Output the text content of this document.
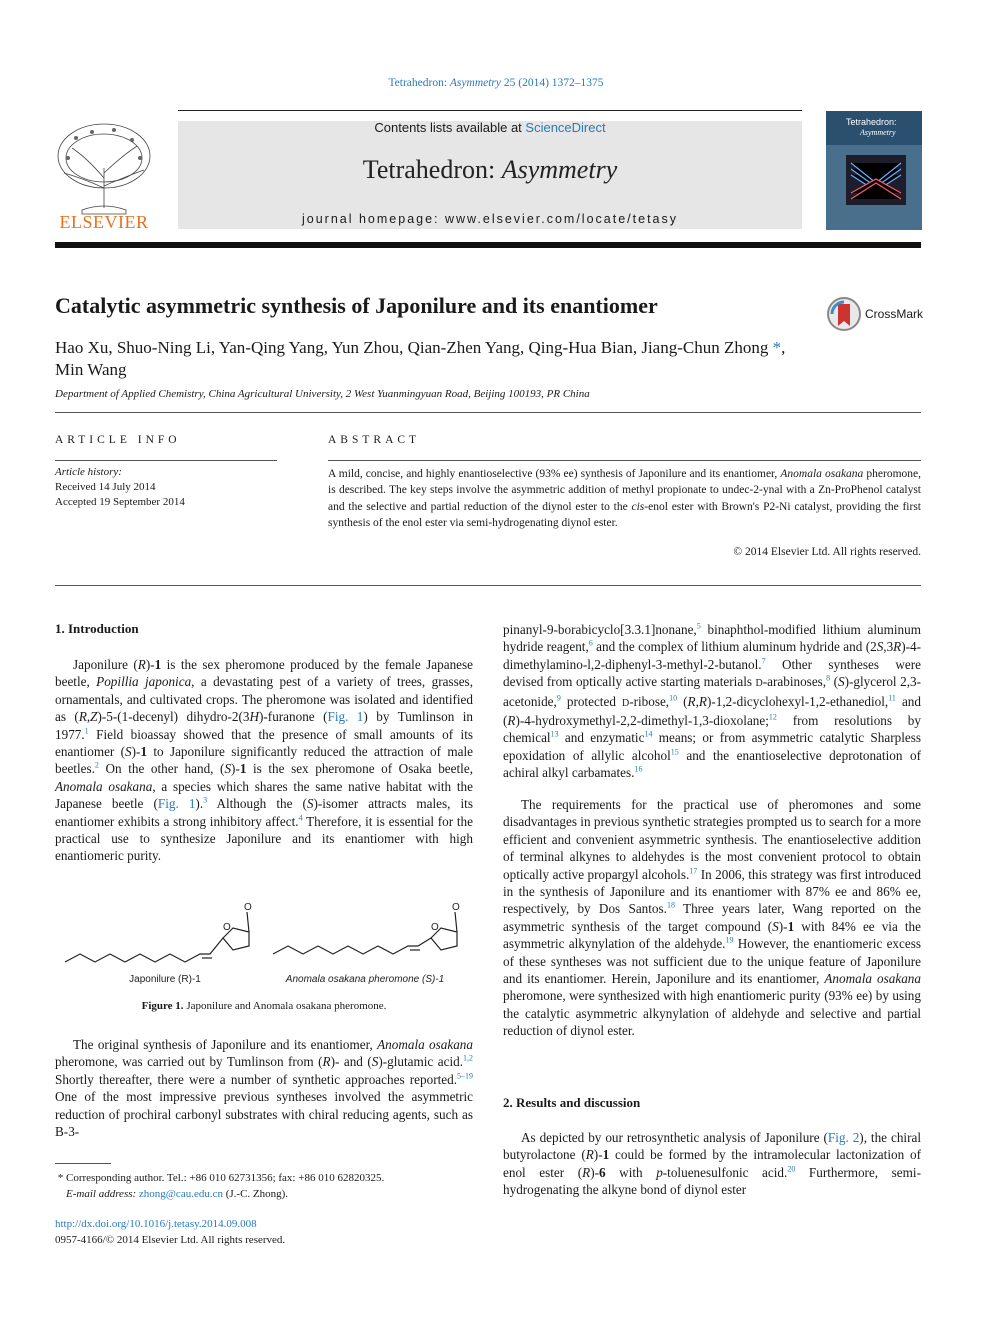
Tetrahedron: Asymmetry 25 (2014) 1372–1375
ELSEVIER
Contents lists available at ScienceDirect
Tetrahedron: Asymmetry
journal homepage: www.elsevier.com/locate/tetasy
Tetrahedron:
Asymmetry
Catalytic asymmetric synthesis of Japonilure and its enantiomer	CrossMark
Hao Xu, Shuo-Ning Li, Yan-Qing Yang, Yun Zhou, Qian-Zhen Yang, Qing-Hua Bian, Jiang-Chun Zhong *,
Min Wang
Department of Applied Chemistry, China Agricultural University, 2 West Yuanmingyuan Road, Beijing 100193, PR China
ARTICLE INFO	ABSTRACT
Article history:
Received 14 July 2014
Accepted 19 September 2014
A mild, concise, and highly enantioselective (93% ee) synthesis of Japonilure and its enantiomer, Anomala osakana pheromone, is described. The key steps involve the asymmetric addition of methyl propionate to undec-2-ynal with a Zn-ProPhenol catalyst and the selective and partial reduction of the diynol ester to the cis-enol ester with Brown's P2-Ni catalyst, providing the first synthesis of the enol ester via semi-hydrogenating diynol ester.
© 2014 Elsevier Ltd. All rights reserved.
1. Introduction
Japonilure (R)-1 is the sex pheromone produced by the female Japanese beetle, Popillia japonica, a devastating pest of a variety of trees, grasses, ornamentals, and cultivated crops. The pheromone was isolated and identified as (R,Z)-5-(1-decenyl) dihydro-2(3H)-furanone (Fig. 1) by Tumlinson in 1977.$^1$ Field bioassay showed that the presence of small amounts of its enantiomer (S)-1 to Japonilure significantly reduced the attraction of male beetles.$^2$ On the other hand, (S)-1 is the sex pheromone of Osaka beetle, Anomala osakana, a species which shares the same native habitat with the Japanese beetle (Fig. 1).$^3$ Although the (S)-isomer attracts males, its enantiomer exhibits a strong inhibitory affect.$^4$ Therefore, it is essential for the practical use to synthesize Japonilure and its enantiomer with high enantiomeric purity.
O
O
O
O
Japonilure (R)-1	Anomala osakana pheromone (S)-1
Figure 1. Japonilure and Anomala osakana pheromone.
The original synthesis of Japonilure and its enantiomer, Anomala osakana pheromone, was carried out by Tumlinson from (R)- and (S)-glutamic acid.$^{1,2}$ Shortly thereafter, there were a number of synthetic approaches reported.$^{5-19}$ One of the most impressive previous syntheses involved the asymmetric reduction of prochiral carbonyl substrates with chiral reducing agents, such as B-3-
* Corresponding author. Tel.: +86 010 62731356; fax: +86 010 62820325.
E-mail address: zhong@cau.edu.cn (J.-C. Zhong).
http://dx.doi.org/10.1016/j.tetasy.2014.09.008
0957-4166/© 2014 Elsevier Ltd. All rights reserved.
pinanyl-9-borabicyclo[3.3.1]nonane,$^5$ binaphthol-modified lithium aluminum hydride reagent,$^6$ and the complex of lithium aluminum hydride and (2S,3R)-4-dimethylamino-l,2-diphenyl-3-methyl-2-butanol.$^7$ Other syntheses were devised from optically active starting materials D-arabinoses,$^8$ (S)-glycerol 2,3-acetonide,$^9$ protected D-ribose,$^{10}$ (R,R)-1,2-dicyclohexyl-1,2-ethanediol,$^{11}$ and (R)-4-hydroxymethyl-2,2-dimethyl-1,3-dioxolane;$^{12}$ from resolutions by chemical$^{13}$ and enzymatic$^{14}$ means; or from asymmetric catalytic Sharpless epoxidation of allylic alcohol$^{15}$ and the enantioselective deprotonation of achiral alkyl carbamates.$^{16}$
The requirements for the practical use of pheromones and some disadvantages in previous synthetic strategies prompted us to search for a more efficient and convenient asymmetric synthesis. The enantioselective addition of terminal alkynes to aldehydes is the most convenient protocol to obtain optically active propargyl alcohols.$^{17}$ In 2006, this strategy was first introduced in the synthesis of Japonilure and its enantiomer with 87% ee and 86% ee, respectively, by Dos Santos.$^{18}$ Three years later, Wang reported on the asymmetric synthesis of the target compound (S)-1 with 84% ee via the asymmetric alkynylation of the aldehyde.$^{19}$ However, the enantiomeric excess of these syntheses was not sufficient due to the unique feature of Japonilure and its enantiomer. Herein, Japonilure and its enantiomer, Anomala osakana pheromone, were synthesized with high enantiomeric purity (93% ee) by using the catalytic asymmetric alkynylation of aldehyde and selective and partial reduction of diynol ester.
2. Results and discussion
As depicted by our retrosynthetic analysis of Japonilure (Fig. 2), the chiral butyrolactone (R)-1 could be formed by the intramolecular lactonization of enol ester (R)-6 with p-toluenesulfonic acid.$^{20}$ Furthermore, semi-hydrogenating the alkyne bond of diynol ester
